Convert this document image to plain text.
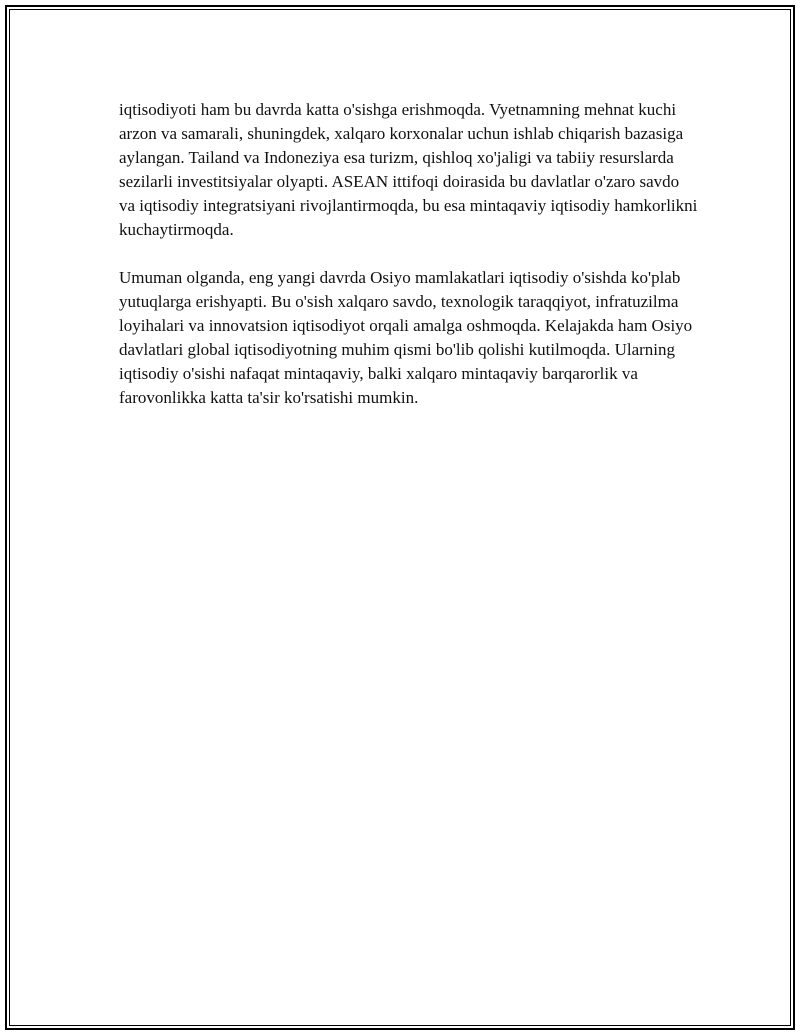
iqtisodiyoti ham bu davrda katta o'sishga erishmoqda. Vyetnamning mehnat kuchi arzon va samarali, shuningdek, xalqaro korxonalar uchun ishlab chiqarish bazasiga aylangan. Tailand va Indoneziya esa turizm, qishloq xo'jaligi va tabiiy resurslarda sezilarli investitsiyalar olyapti. ASEAN ittifoqi doirasida bu davlatlar o'zaro savdo va iqtisodiy integratsiyani rivojlantirmoqda, bu esa mintaqaviy iqtisodiy hamkorlikni kuchaytirmoqda.

Umuman olganda, eng yangi davrda Osiyo mamlakatlari iqtisodiy o'sishda ko'plab yutuqlarga erishyapti. Bu o'sish xalqaro savdo, texnologik taraqqiyot, infratuzilma loyihalari va innovatsion iqtisodiyot orqali amalga oshmoqda. Kelajakda ham Osiyo davlatlari global iqtisodiyotning muhim qismi bo'lib qolishi kutilmoqda. Ularning iqtisodiy o'sishi nafaqat mintaqaviy, balki xalqaro mintaqaviy barqarorlik va farovonlikka katta ta'sir ko'rsatishi mumkin.
